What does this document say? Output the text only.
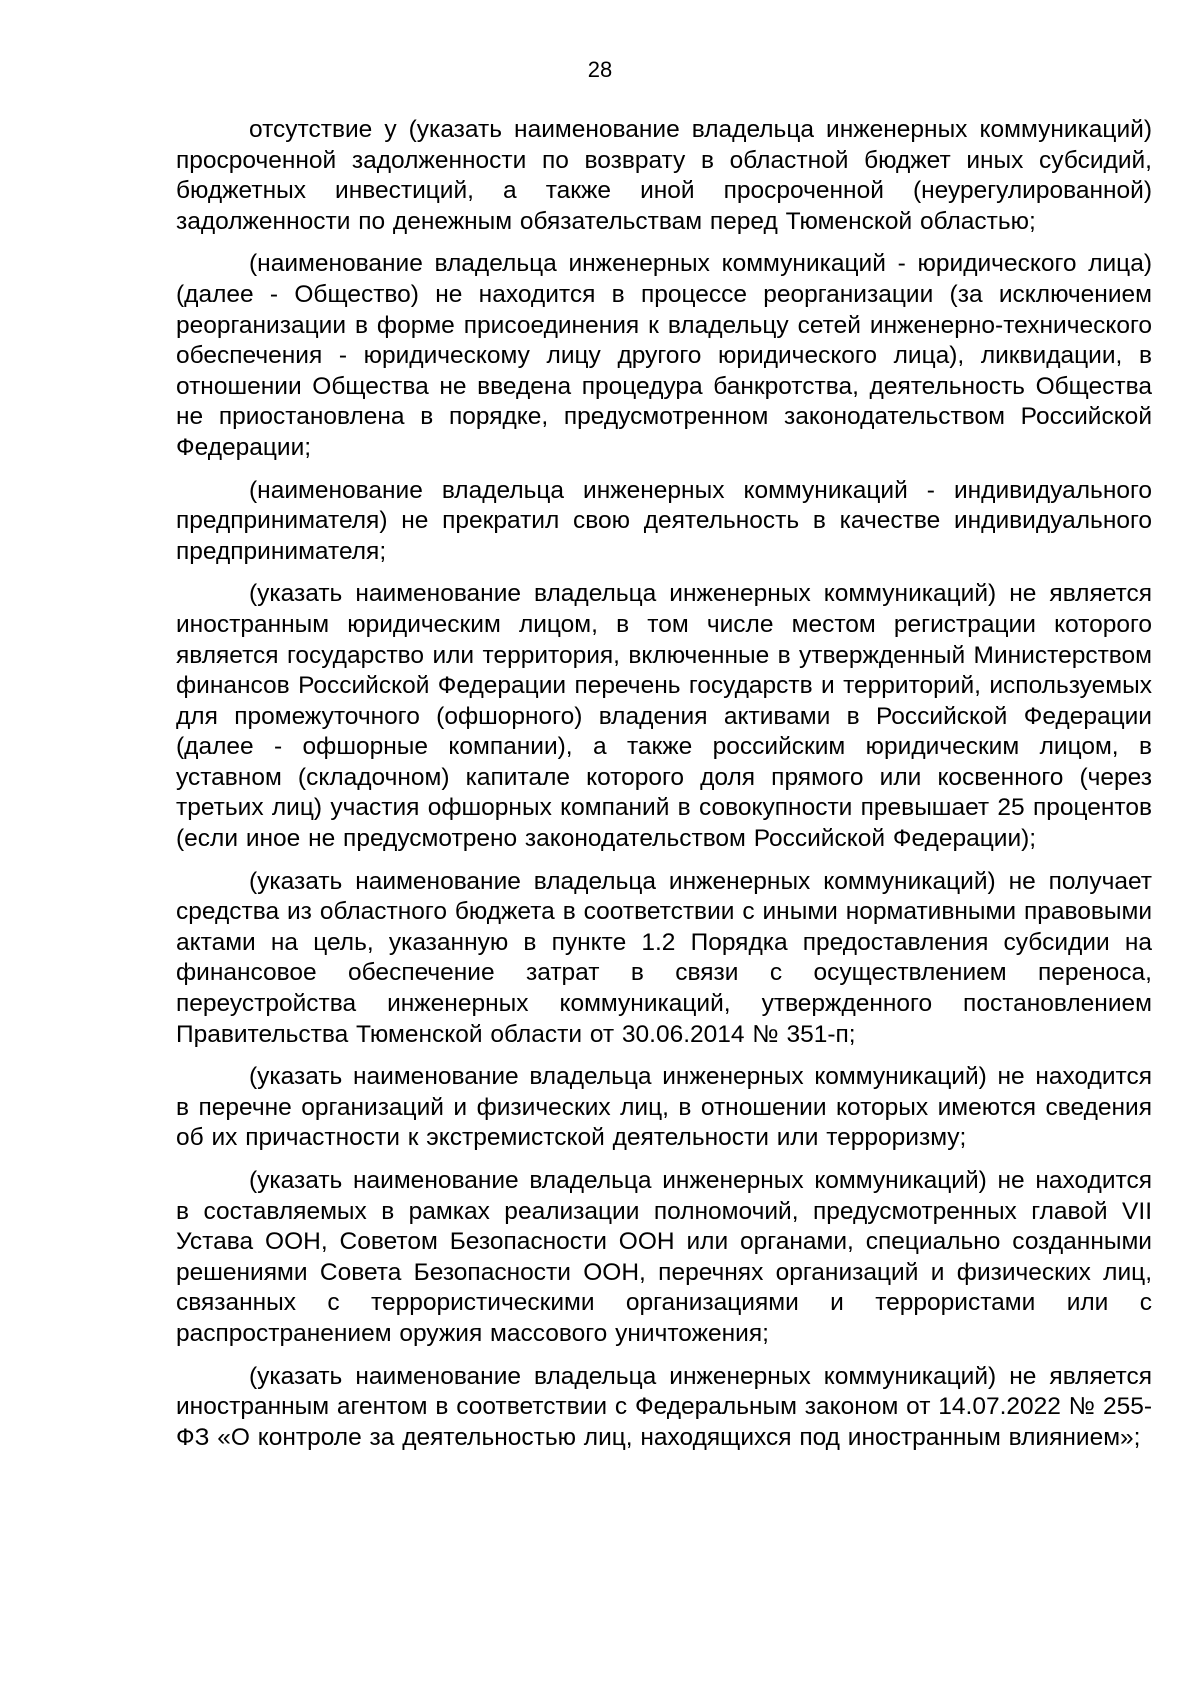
28

отсутствие у (указать наименование владельца инженерных коммуникаций) просроченной задолженности по возврату в областной бюджет иных субсидий, бюджетных инвестиций, а также иной просроченной (неурегулированной) задолженности по денежным обязательствам перед Тюменской областью;

(наименование владельца инженерных коммуникаций - юридического лица) (далее - Общество) не находится в процессе реорганизации (за исключением реорганизации в форме присоединения к владельцу сетей инженерно-технического обеспечения - юридическому лицу другого юридического лица), ликвидации, в отношении Общества не введена процедура банкротства, деятельность Общества не приостановлена в порядке, предусмотренном законодательством Российской Федерации;

(наименование владельца инженерных коммуникаций - индивидуального предпринимателя) не прекратил свою деятельность в качестве индивидуального предпринимателя;

(указать наименование владельца инженерных коммуникаций) не является иностранным юридическим лицом, в том числе местом регистрации которого является государство или территория, включенные в утвержденный Министерством финансов Российской Федерации перечень государств и территорий, используемых для промежуточного (офшорного) владения активами в Российской Федерации (далее - офшорные компании), а также российским юридическим лицом, в уставном (складочном) капитале которого доля прямого или косвенного (через третьих лиц) участия офшорных компаний в совокупности превышает 25 процентов (если иное не предусмотрено законодательством Российской Федерации);

(указать наименование владельца инженерных коммуникаций) не получает средства из областного бюджета в соответствии с иными нормативными правовыми актами на цель, указанную в пункте 1.2 Порядка предоставления субсидии на финансовое обеспечение затрат в связи с осуществлением переноса, переустройства инженерных коммуникаций, утвержденного постановлением Правительства Тюменской области от 30.06.2014 № 351-п;

(указать наименование владельца инженерных коммуникаций) не находится в перечне организаций и физических лиц, в отношении которых имеются сведения об их причастности к экстремистской деятельности или терроризму;

(указать наименование владельца инженерных коммуникаций) не находится в составляемых в рамках реализации полномочий, предусмотренных главой VII Устава ООН, Советом Безопасности ООН или органами, специально созданными решениями Совета Безопасности ООН, перечнях организаций и физических лиц, связанных с террористическими организациями и террористами или с распространением оружия массового уничтожения;

(указать наименование владельца инженерных коммуникаций) не является иностранным агентом в соответствии с Федеральным законом от 14.07.2022 № 255-ФЗ «О контроле за деятельностью лиц, находящихся под иностранным влиянием»;
